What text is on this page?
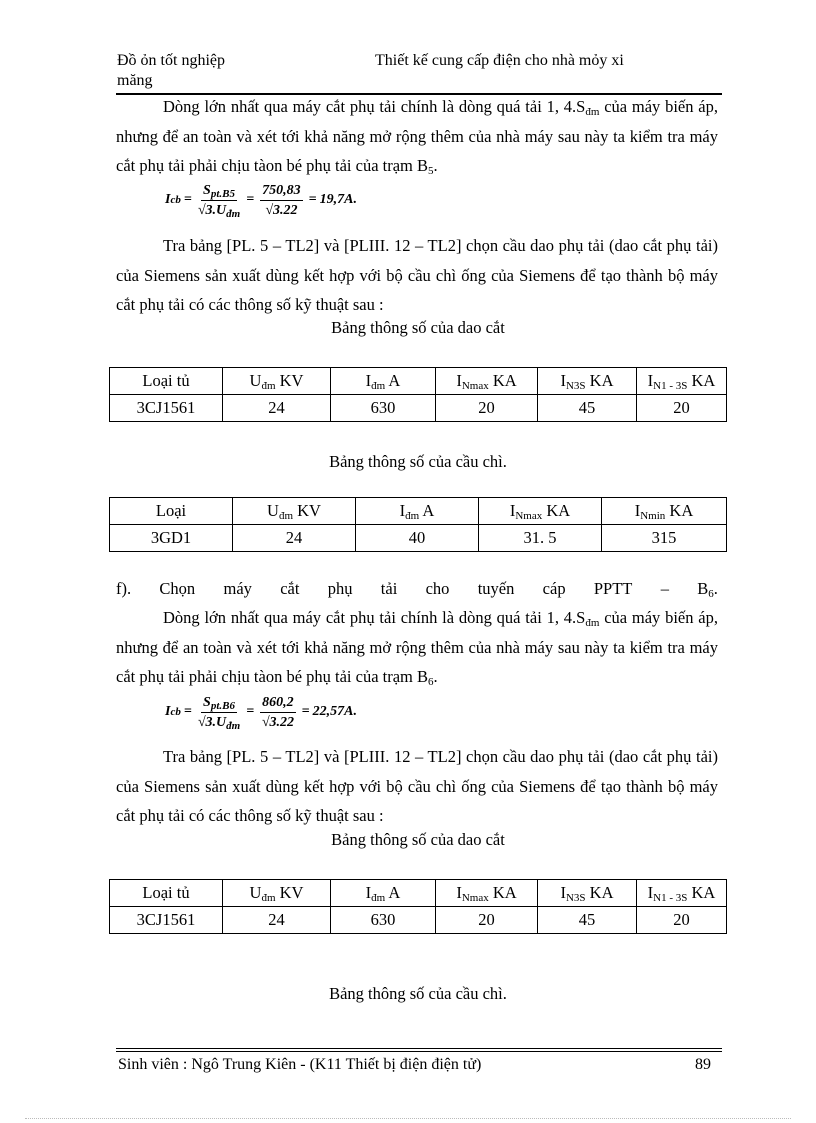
Đồ ỏn tốt nghiệp	Thiết kế cung cấp điện cho nhà mỏy xi
măng
Dòng lớn nhất qua máy cắt phụ tải chính là dòng quá tải 1, $4.S_{đm}$ của máy biến áp, nhưng để an toàn và xét tới khả năng mở rộng thêm của nhà máy sau này ta kiểm tra máy cắt phụ tải phải chịu tàon bé phụ tải của trạm $B_5$.
I cb = $\frac{S_{pt.B5}}{√3.U_{đm}} = \frac{750,83}{√3.22} = 19,7A$ .
Tra bảng [PL. 5 – TL2] và [PLIII. 12 – TL2] chọn cầu dao phụ tải (dao cắt phụ tải) của Siemens sản xuất dùng kết hợp với bộ cầu chì ống của Siemens để tạo thành bộ máy cắt phụ tải có các thông số kỹ thuật sau :
Bảng thông số của dao cắt
Loại tủ	$U_{đm}$ KV	$I_{đm}$ A	$I_{Nmax}$ KA	$I_{N3S}$ KA	$I_{N1 - 3S}$ KA
3CJ1561	24	630	20	45	20
Bảng thông số của cầu chì.
Loại	$U_{đm}$ KV	$I_{đm}$ A	$I_{Nmax}$ KA	$I_{Nmin}$ KA
3GD1	24	40	31. 5	315
f). Chọn máy cắt phụ tải cho tuyến cáp PPTT – $B_6$.
Dòng lớn nhất qua máy cắt phụ tải chính là dòng quá tải 1, $4.S_{đm}$ của máy biến áp, nhưng để an toàn và xét tới khả năng mở rộng thêm của nhà máy sau này ta kiểm tra máy cắt phụ tải phải chịu tàon bé phụ tải của trạm $B_6$.
I cb = $\frac{S_{pt.B6}}{√3.U_{đm}} = \frac{860,2}{√3.22} = 22,57A$ .
Tra bảng [PL. 5 – TL2] và [PLIII. 12 – TL2] chọn cầu dao phụ tải (dao cắt phụ tải) của Siemens sản xuất dùng kết hợp với bộ cầu chì ống của Siemens để tạo thành bộ máy cắt phụ tải có các thông số kỹ thuật sau :
Bảng thông số của dao cắt
Loại tủ	$U_{đm}$ KV	$I_{đm}$ A	$I_{Nmax}$ KA	$I_{N3S}$ KA	$I_{N1 - 3S}$ KA
3CJ1561	24	630	20	45	20
Bảng thông số của cầu chì.
Sinh viên : Ngô Trung Kiên - (K11 Thiết bị điện điện tử)	89
